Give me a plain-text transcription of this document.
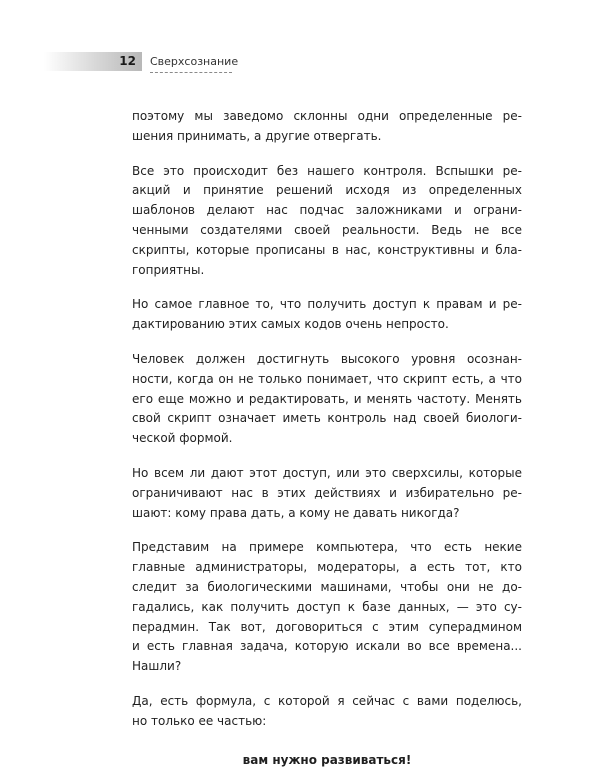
12 Сверхсознание

поэтому мы заведомо склонны одни определенные ре-
шения принимать, а другие отвергать.

Все это происходит без нашего контроля. Вспышки ре-
акций и принятие решений исходя из определенных
шаблонов делают нас подчас заложниками и ограни-
ченными создателями своей реальности. Ведь не все
скрипты, которые прописаны в нас, конструктивны и бла-
гоприятны.

Но самое главное то, что получить доступ к правам и ре-
дактированию этих самых кодов очень непросто.

Человек должен достигнуть высокого уровня осознан-
ности, когда он не только понимает, что скрипт есть, а что
его еще можно и редактировать, и менять частоту. Менять
свой скрипт означает иметь контроль над своей биологи-
ческой формой.

Но всем ли дают этот доступ, или это сверхсилы, которые
ограничивают нас в этих действиях и избирательно ре-
шают: кому права дать, а кому не давать никогда?

Представим на примере компьютера, что есть некие
главные администраторы, модераторы, а есть тот, кто
следит за биологическими машинами, чтобы они не до-
гадались, как получить доступ к базе данных, — это су-
перадмин. Так вот, договориться с этим суперадмином
и есть главная задача, которую искали во все времена...
Нашли?

Да, есть формула, с которой я сейчас с вами поделюсь,
но только ее частью:

вам нужно развиваться!
